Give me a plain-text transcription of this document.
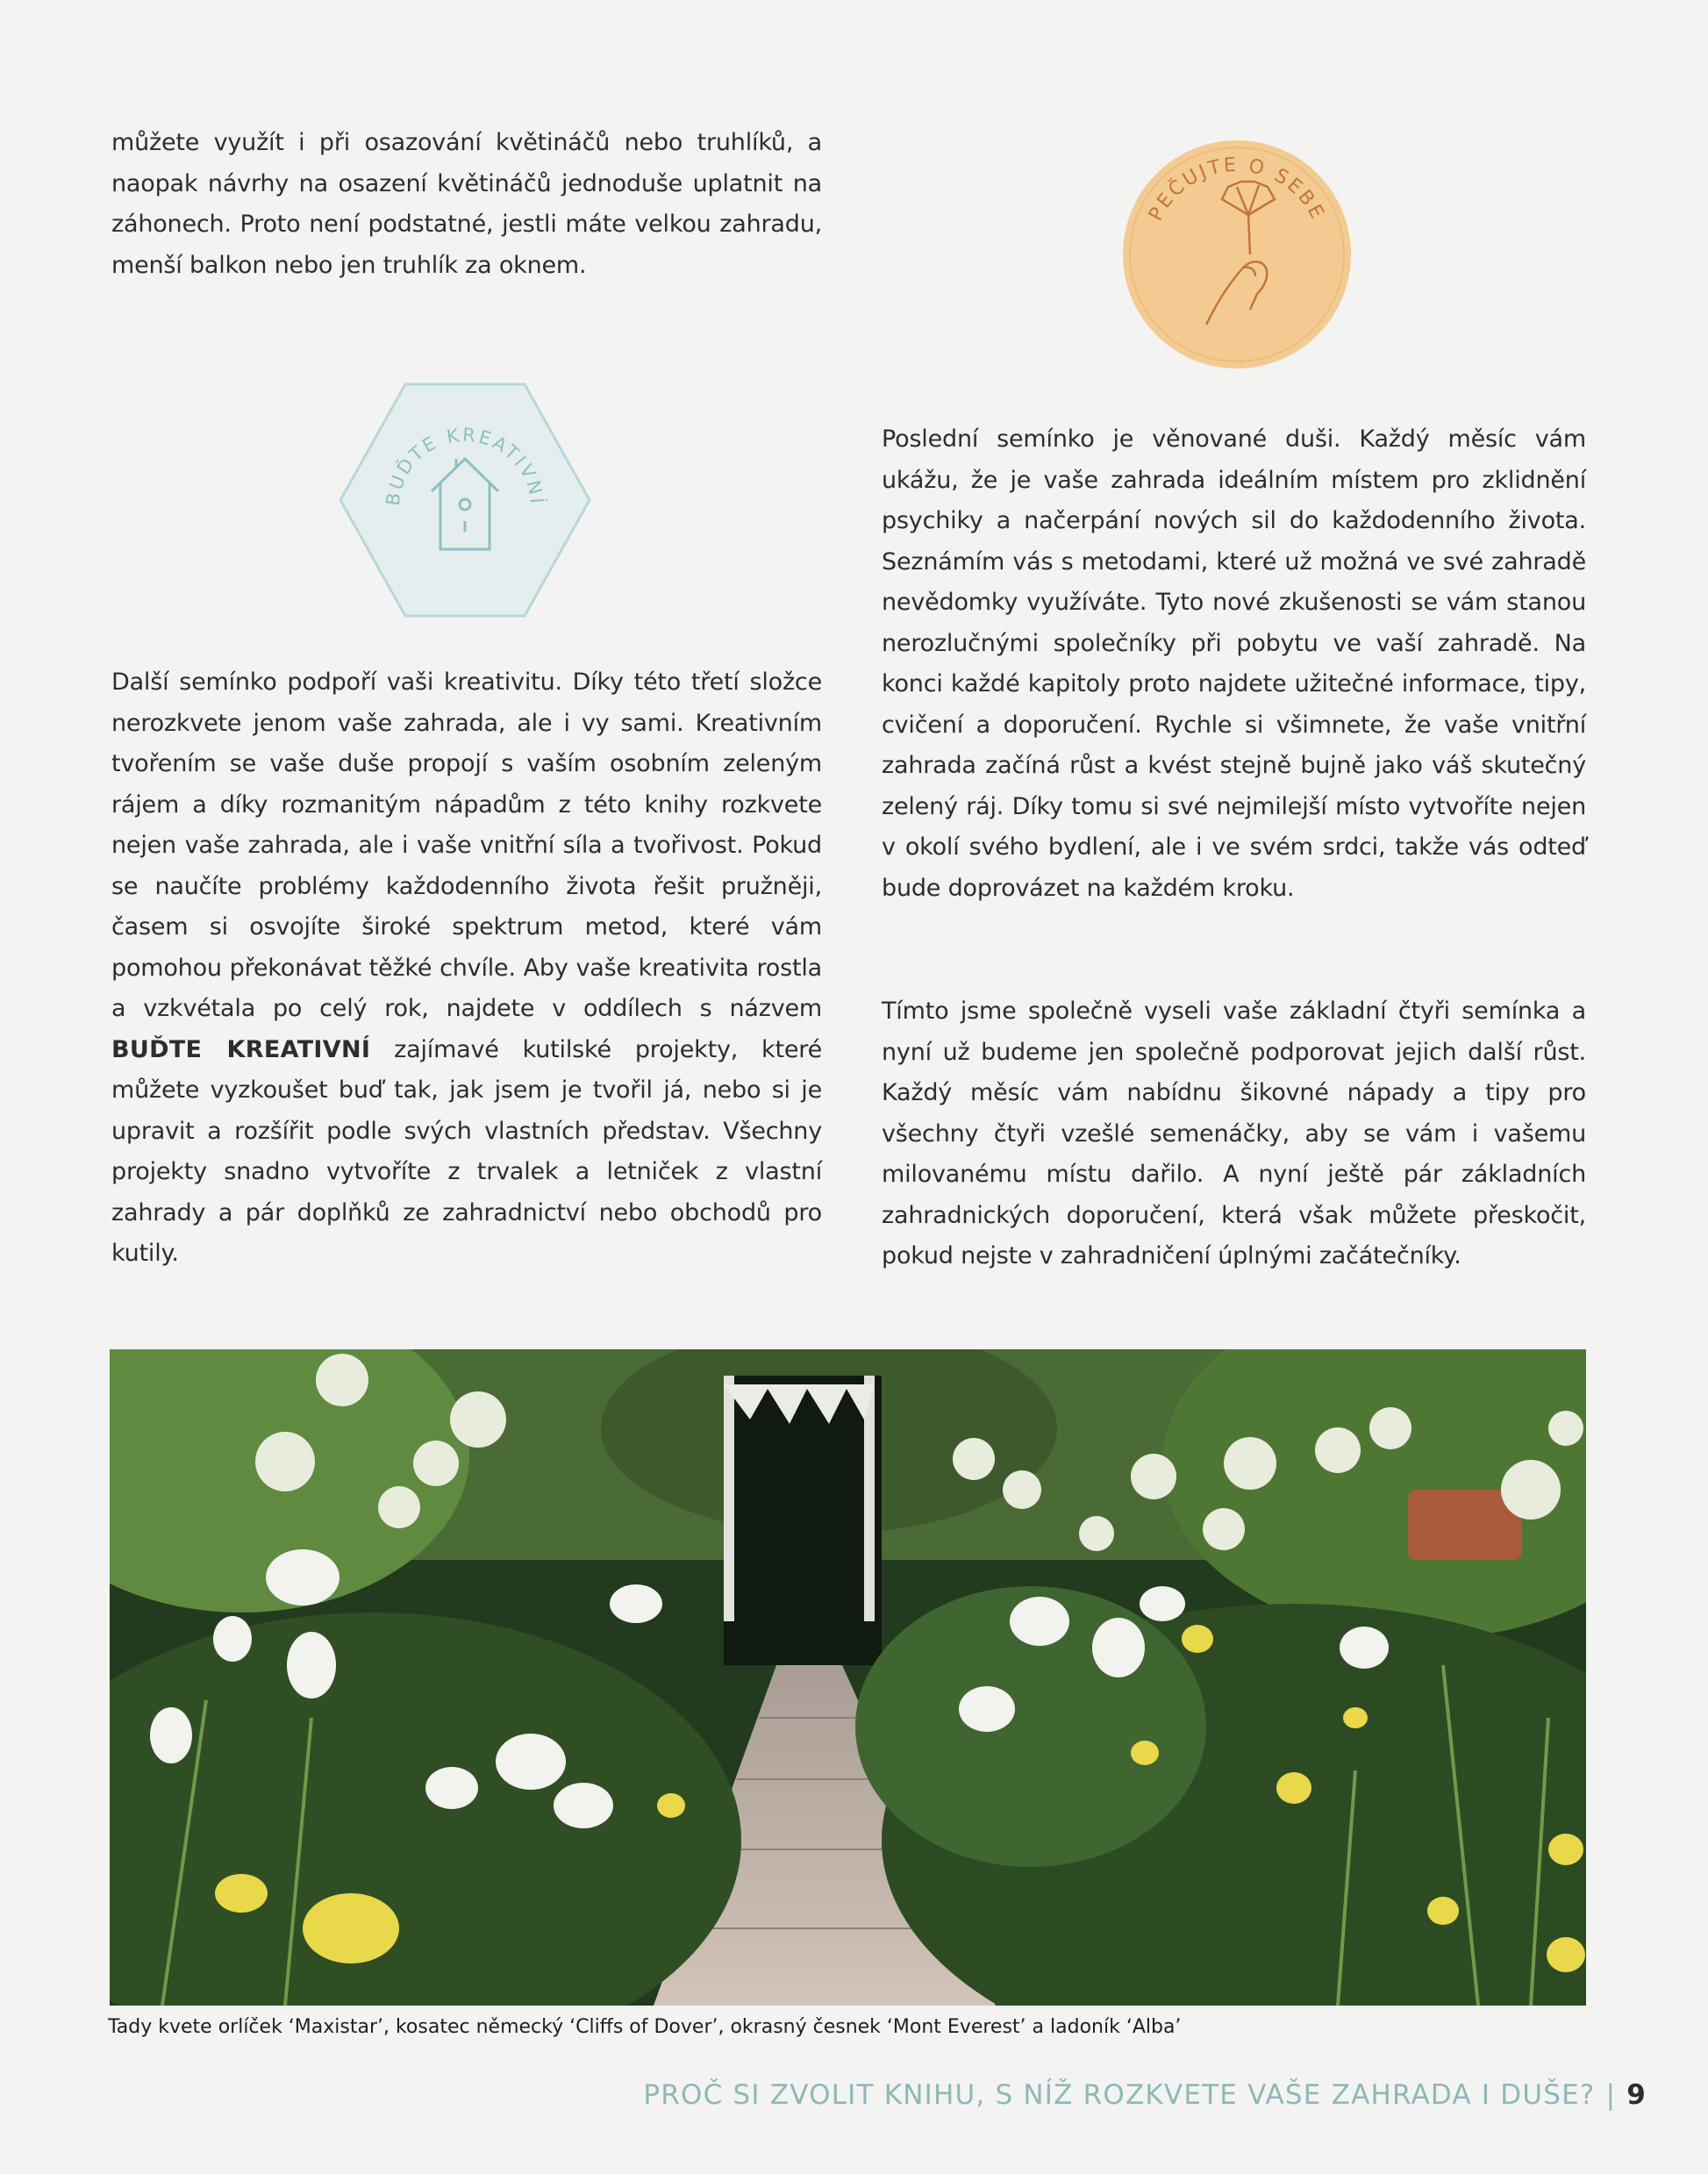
můžete využít i při osazování květináčů nebo truhlíků, a naopak návrhy na osazení květináčů jednoduše uplatnit na záhonech. Proto není podstatné, jestli máte velkou zahradu, menší balkon nebo jen truhlík za oknem.

BUĎTE KREATIVNÍ
PEČUJTE O SEBE

Další semínko podpoří vaši kreativitu. Díky této třetí složce nerozkvete jenom vaše zahrada, ale i vy sami. Kreativním tvořením se vaše duše propojí s vaším osobním zeleným rájem a díky rozmanitým nápadům z této knihy rozkvete nejen vaše zahrada, ale i vaše vnitřní síla a tvořivost. Pokud se naučíte problémy každodenního života řešit pružněji, časem si osvojíte široké spektrum metod, které vám pomohou překonávat těžké chvíle. Aby vaše kreativita rostla a vzkvétala po celý rok, najdete v oddílech s názvem BUĎTE KREATIVNÍ zajímavé kutilské projekty, které můžete vyzkoušet buď tak, jak jsem je tvořil já, nebo si je upravit a rozšířit podle svých vlastních představ. Všechny projekty snadno vytvoříte z trvalek a letniček z vlastní zahrady a pár doplňků ze zahradnictví nebo obchodů pro kutily.

Poslední semínko je věnované duši. Každý měsíc vám ukážu, že je vaše zahrada ideálním místem pro zklidnění psychiky a načerpání nových sil do každodenního života. Seznámím vás s metodami, které už možná ve své zahradě nevědomky využíváte. Tyto nové zkušenosti se vám stanou nerozlučnými společníky při pobytu ve vaší zahradě. Na konci každé kapitoly proto najdete užitečné informace, tipy, cvičení a doporučení. Rychle si všimnete, že vaše vnitřní zahrada začíná růst a kvést stejně bujně jako váš skutečný zelený ráj. Díky tomu si své nejmilejší místo vytvoříte nejen v okolí svého bydlení, ale i ve svém srdci, takže vás odteď bude doprovázet na každém kroku.

Tímto jsme společně vyseli vaše základní čtyři semínka a nyní už budeme jen společně podporovat jejich další růst. Každý měsíc vám nabídnu šikovné nápady a tipy pro všechny čtyři vzešlé semenáčky, aby se vám i vašemu milovanému místu dařilo. A nyní ještě pár základních zahradnických doporučení, která však můžete přeskočit, pokud nejste v zahradničení úplnými začátečníky.

Tady kvete orlíček ‘Maxistar’, kosatec německý ‘Cliffs of Dover’, okrasný česnek ‘Mont Everest’ a ladoník ‘Alba’
PROČ SI ZVOLIT KNIHU, S NÍŽ ROZKVETE VAŠE ZAHRADA I DUŠE? | 9
